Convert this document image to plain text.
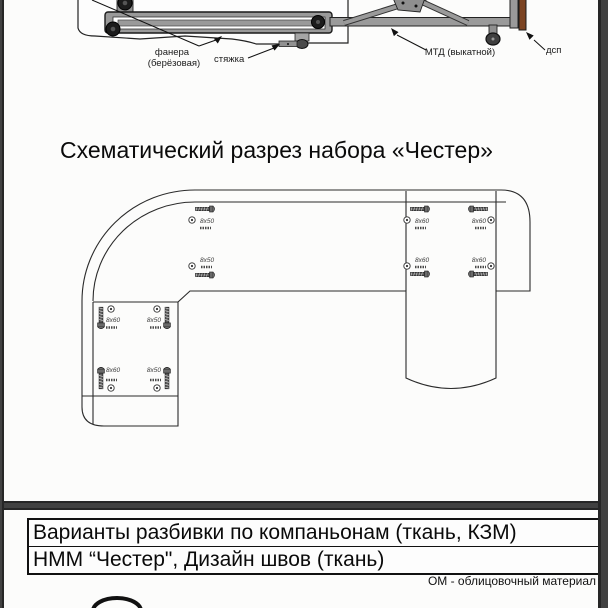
фанера
(берёзовая) стяжка
МТД (выкатной)	дсп
Схематический разрез набора «Честер»
8x50
8x50
8x60	8x60
8x60	8x60
8x60	8x50
8x60	8x50
Варианты разбивки по компаньонам (ткань, КЗМ)
НММ “Честер", Дизайн швов (ткань)
ОМ - облицовочный материал
